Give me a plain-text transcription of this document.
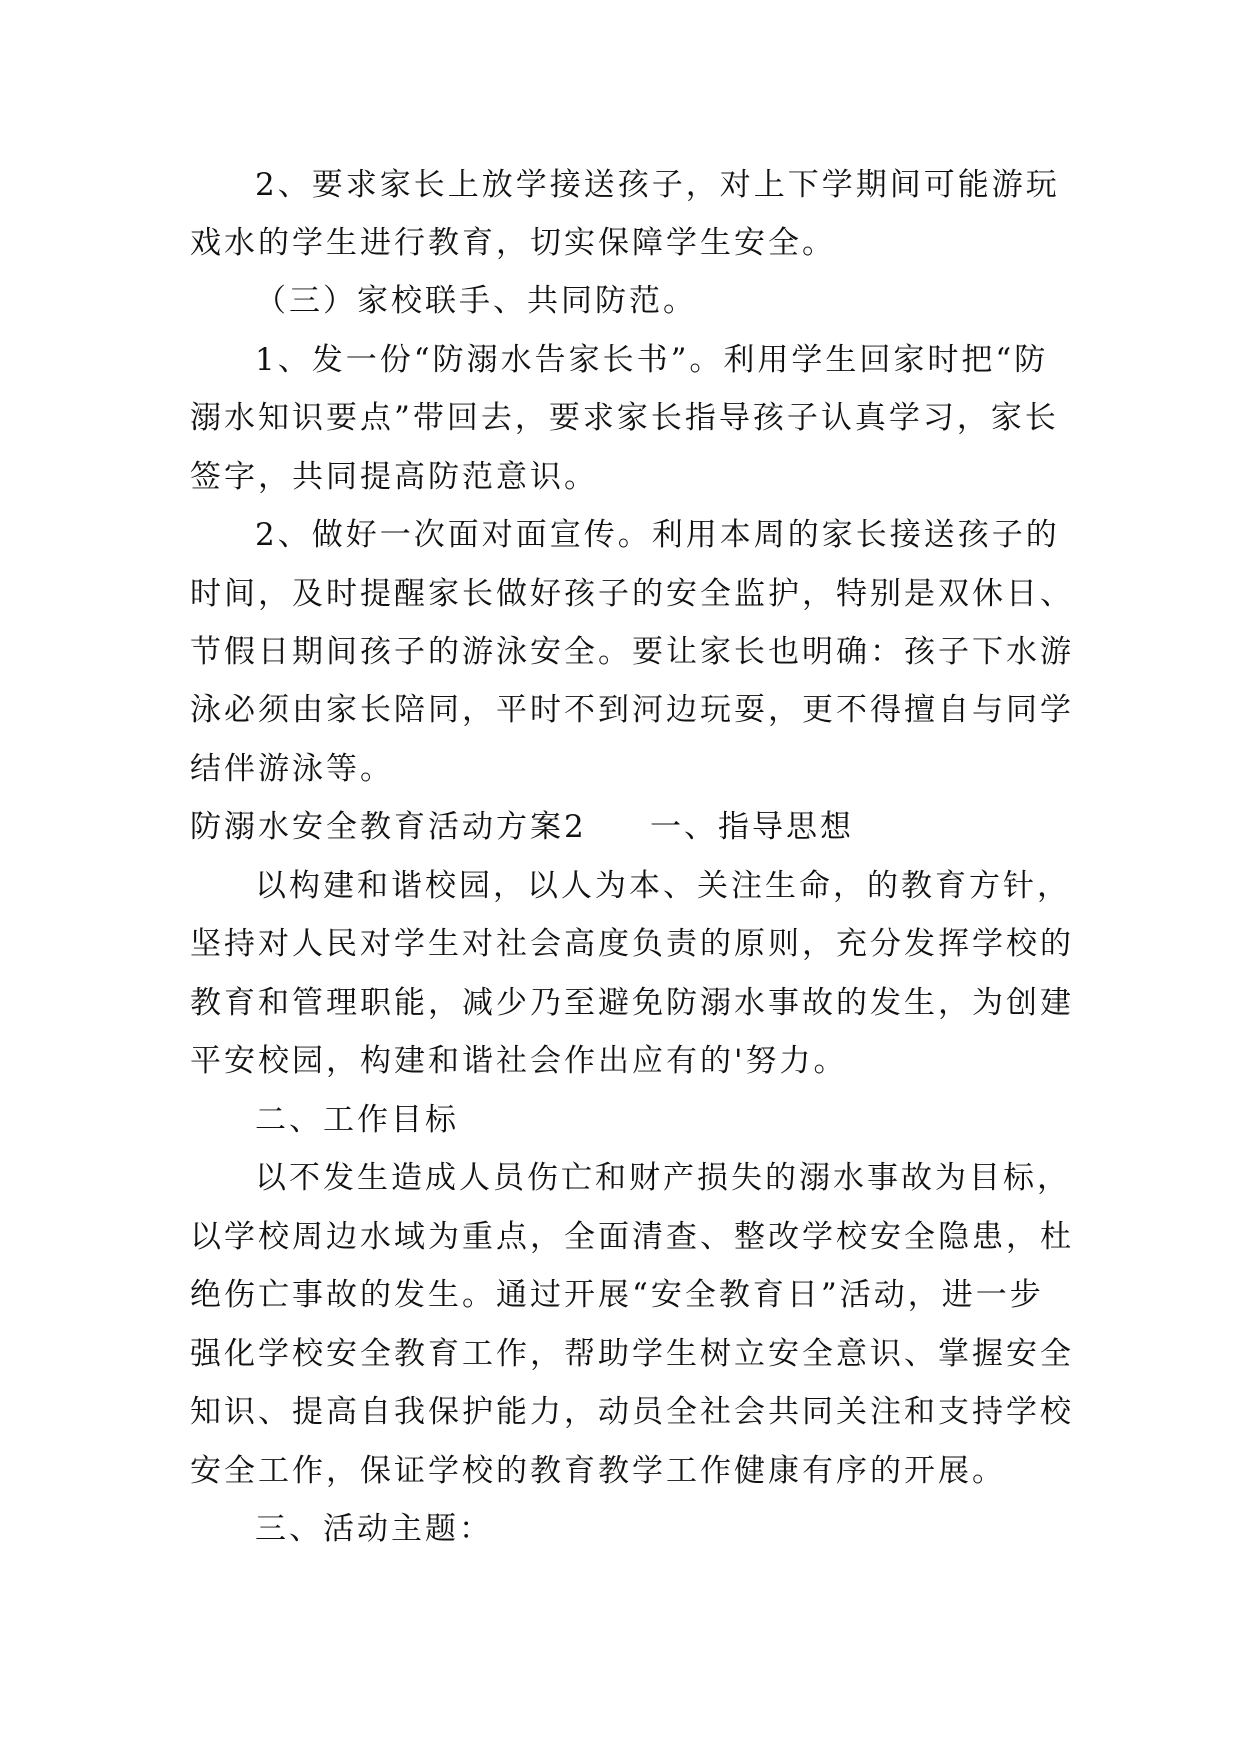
2、要求家长上放学接送孩子，对上下学期间可能游玩
戏水的学生进行教育，切实保障学生安全。
（三）家校联手、共同防范。
1、发一份“防溺水告家长书”。利用学生回家时把“防
溺水知识要点”带回去，要求家长指导孩子认真学习，家长
签字，共同提高防范意识。
2、做好一次面对面宣传。利用本周的家长接送孩子的
时间，及时提醒家长做好孩子的安全监护，特别是双休日、
节假日期间孩子的游泳安全。要让家长也明确：孩子下水游
泳必须由家长陪同，平时不到河边玩耍，更不得擅自与同学
结伴游泳等。
防溺水安全教育活动方案2	一、指导思想
以构建和谐校园，以人为本、关注生命，的教育方针，
坚持对人民对学生对社会高度负责的原则，充分发挥学校的
教育和管理职能，减少乃至避免防溺水事故的发生，为创建
平安校园，构建和谐社会作出应有的'努力。
二、工作目标
以不发生造成人员伤亡和财产损失的溺水事故为目标，
以学校周边水域为重点，全面清查、整改学校安全隐患，杜
绝伤亡事故的发生。通过开展“安全教育日”活动，进一步
强化学校安全教育工作，帮助学生树立安全意识、掌握安全
知识、提高自我保护能力，动员全社会共同关注和支持学校
安全工作，保证学校的教育教学工作健康有序的开展。
三、活动主题：
